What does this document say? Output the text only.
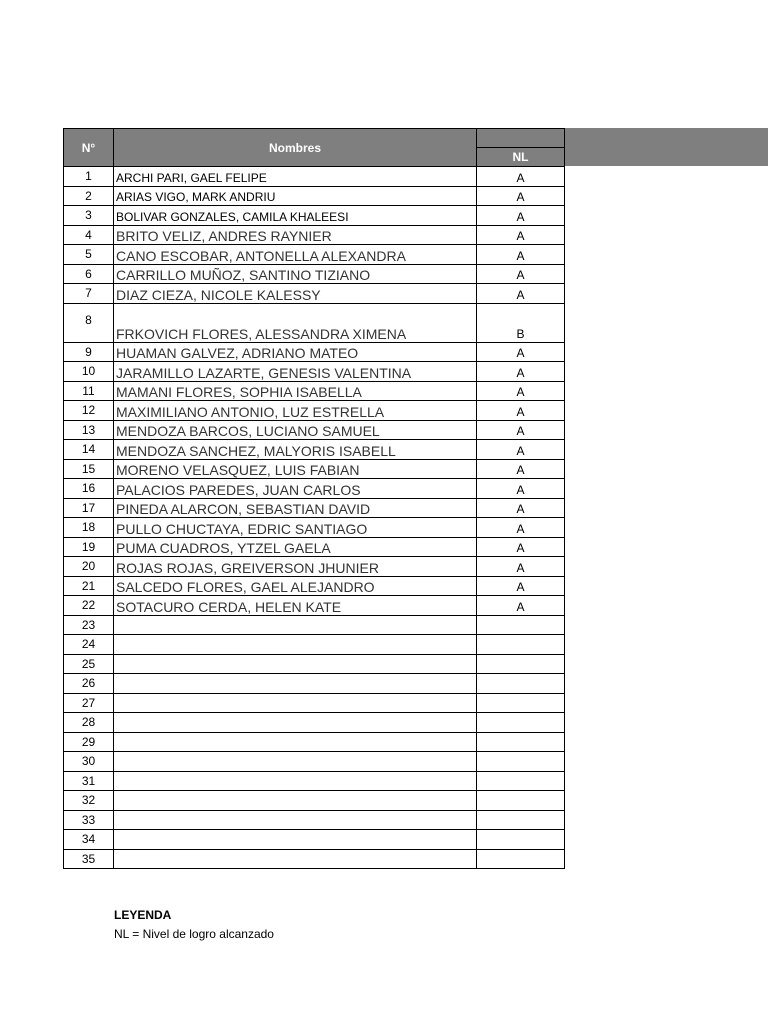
N°	Nombres	
		NL
1	ARCHI PARI, GAEL FELIPE	A
2	ARIAS VIGO, MARK ANDRIU	A
3	BOLIVAR GONZALES, CAMILA KHALEESI	A
4	BRITO VELIZ, ANDRES RAYNIER	A
5	CANO ESCOBAR, ANTONELLA ALEXANDRA	A
6	CARRILLO MUÑOZ, SANTINO TIZIANO	A
7	DIAZ CIEZA, NICOLE KALESSY	A
8	FRKOVICH FLORES, ALESSANDRA XIMENA	B
9	HUAMAN GALVEZ, ADRIANO MATEO	A
10	JARAMILLO LAZARTE, GENESIS VALENTINA	A
11	MAMANI FLORES, SOPHIA ISABELLA	A
12	MAXIMILIANO ANTONIO, LUZ ESTRELLA	A
13	MENDOZA BARCOS, LUCIANO SAMUEL	A
14	MENDOZA SANCHEZ, MALYORIS ISABELL	A
15	MORENO VELASQUEZ, LUIS FABIAN	A
16	PALACIOS PAREDES, JUAN CARLOS	A
17	PINEDA ALARCON, SEBASTIAN DAVID	A
18	PULLO CHUCTAYA, EDRIC SANTIAGO	A
19	PUMA CUADROS, YTZEL GAELA	A
20	ROJAS ROJAS, GREIVERSON JHUNIER	A
21	SALCEDO FLORES, GAEL ALEJANDRO	A
22	SOTACURO CERDA, HELEN KATE	A
23		
24		
25		
26		
27		
28		
29		
30		
31		
32		
33		
34		
35		
LEYENDA
NL = Nivel de logro alcanzado
